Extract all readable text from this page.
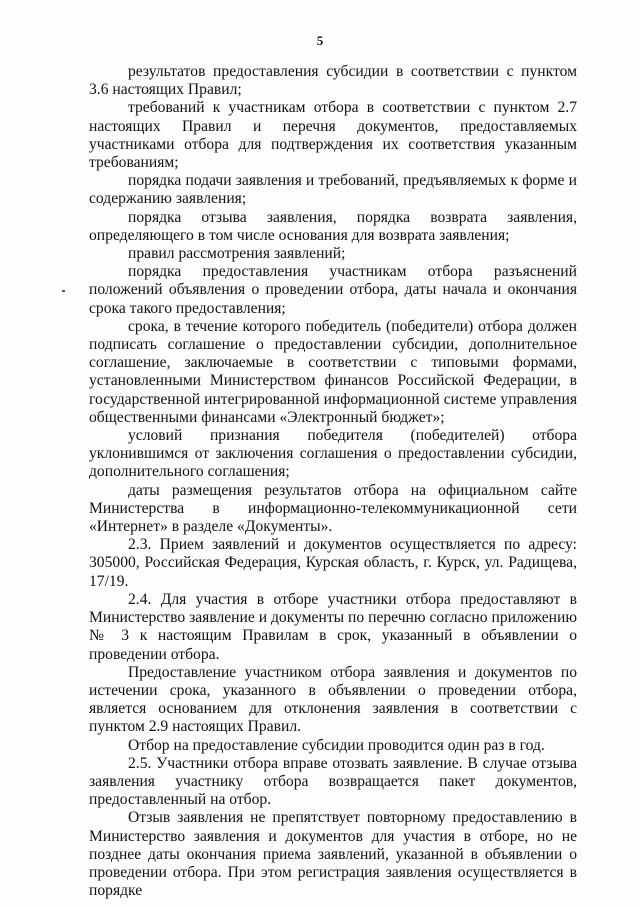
5

результатов предоставления субсидии в соответствии с пунктом 3.6 настоящих Правил;

требований к участникам отбора в соответствии с пунктом 2.7 настоящих Правил и перечня документов, предоставляемых участниками отбора для подтверждения их соответствия указанным требованиям;

порядка подачи заявления и требований, предъявляемых к форме и содержанию заявления;

порядка отзыва заявления, порядка возврата заявления, определяющего в том числе основания для возврата заявления;

правил рассмотрения заявлений;

порядка предоставления участникам отбора разъяснений положений объявления о проведении отбора, даты начала и окончания срока такого предоставления;

срока, в течение которого победитель (победители) отбора должен подписать соглашение о предоставлении субсидии, дополнительное соглашение, заключаемые в соответствии с типовыми формами, установленными Министерством финансов Российской Федерации, в государственной интегрированной информационной системе управления общественными финансами «Электронный бюджет»;

условий признания победителя (победителей) отбора уклонившимся от заключения соглашения о предоставлении субсидии, дополнительного соглашения;

даты размещения результатов отбора на официальном сайте Министерства в информационно-телекоммуникационной сети «Интернет» в разделе «Документы».

2.3. Прием заявлений и документов осуществляется по адресу: 305000, Российская Федерация, Курская область, г. Курск, ул. Радищева, 17/19.

2.4. Для участия в отборе участники отбора предоставляют в Министерство заявление и документы по перечню согласно приложению № 3 к настоящим Правилам в срок, указанный в объявлении о проведении отбора.

Предоставление участником отбора заявления и документов по истечении срока, указанного в объявлении о проведении отбора, является основанием для отклонения заявления в соответствии с пунктом 2.9 настоящих Правил.

Отбор на предоставление субсидии проводится один раз в год.

2.5. Участники отбора вправе отозвать заявление. В случае отзыва заявления участнику отбора возвращается пакет документов, предоставленный на отбор.

Отзыв заявления не препятствует повторному предоставлению в Министерство заявления и документов для участия в отборе, но не позднее даты окончания приема заявлений, указанной в объявлении о проведении отбора. При этом регистрация заявления осуществляется в порядке
